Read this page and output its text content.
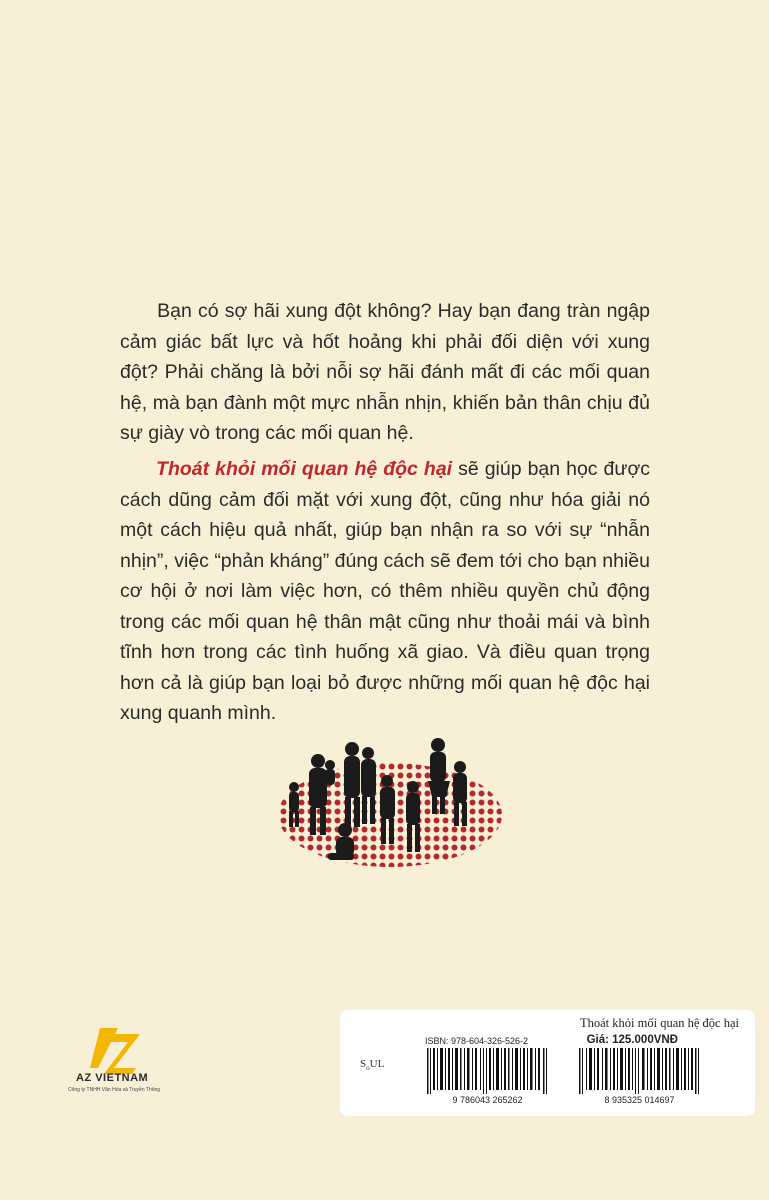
Bạn có sợ hãi xung đột không? Hay bạn đang tràn ngập cảm giác bất lực và hốt hoảng khi phải đối diện với xung đột? Phải chăng là bởi nỗi sợ hãi đánh mất đi các mối quan hệ, mà bạn đành một mực nhẫn nhịn, khiến bản thân chịu đủ sự giày vò trong các mối quan hệ.

Thoát khỏi mối quan hệ độc hại sẽ giúp bạn học được cách dũng cảm đối mặt với xung đột, cũng như hóa giải nó một cách hiệu quả nhất, giúp bạn nhận ra so với sự “nhẫn nhịn”, việc “phản kháng” đúng cách sẽ đem tới cho bạn nhiều cơ hội ở nơi làm việc hơn, có thêm nhiều quyền chủ động trong các mối quan hệ thân mật cũng như thoải mái và bình tĩnh hơn trong các tình huống xã giao. Và điều quan trọng hơn cả là giúp bạn loại bỏ được những mối quan hệ độc hại xung quanh mình.

AZ VIETNAM
Công ty TNHH Văn Hóa và Truyền Thông
Thoát khỏi mối quan hệ độc hại
ISBN: 978-604-326-526-2	Giá: 125.000VNĐ
$S_oUL$
9 786043 265262	8 935325 014697
